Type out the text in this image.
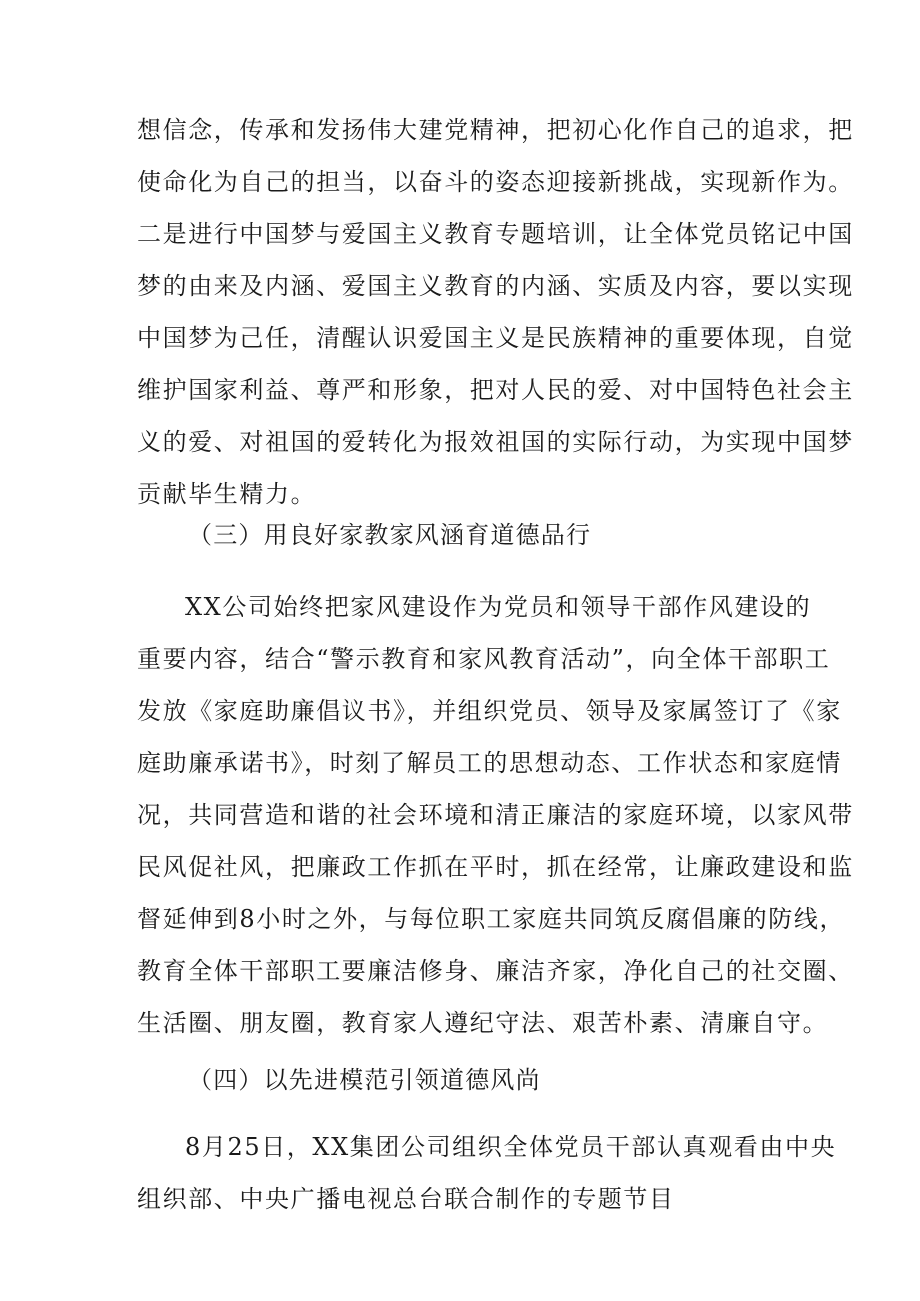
想信念，传承和发扬伟大建党精神，把初心化作自己的追求，把
使命化为自己的担当，以奋斗的姿态迎接新挑战，实现新作为。
二是进行中国梦与爱国主义教育专题培训，让全体党员铭记中国
梦的由来及内涵、爱国主义教育的内涵、实质及内容，要以实现
中国梦为己任，清醒认识爱国主义是民族精神的重要体现，自觉
维护国家利益、尊严和形象，把对人民的爱、对中国特色社会主
义的爱、对祖国的爱转化为报效祖国的实际行动，为实现中国梦
贡献毕生精力。
（三）用良好家教家风涵育道德品行
XX公司始终把家风建设作为党员和领导干部作风建设的
重要内容，结合“警示教育和家风教育活动”，向全体干部职工
发放《家庭助廉倡议书》，并组织党员、领导及家属签订了《家
庭助廉承诺书》，时刻了解员工的思想动态、工作状态和家庭情
况，共同营造和谐的社会环境和清正廉洁的家庭环境，以家风带
民风促社风，把廉政工作抓在平时，抓在经常，让廉政建设和监
督延伸到8小时之外，与每位职工家庭共同筑反腐倡廉的防线，
教育全体干部职工要廉洁修身、廉洁齐家，净化自己的社交圈、
生活圈、朋友圈，教育家人遵纪守法、艰苦朴素、清廉自守。
（四）以先进模范引领道德风尚
8月25日，XX集团公司组织全体党员干部认真观看由中央
组织部、中央广播电视总台联合制作的专题节目
